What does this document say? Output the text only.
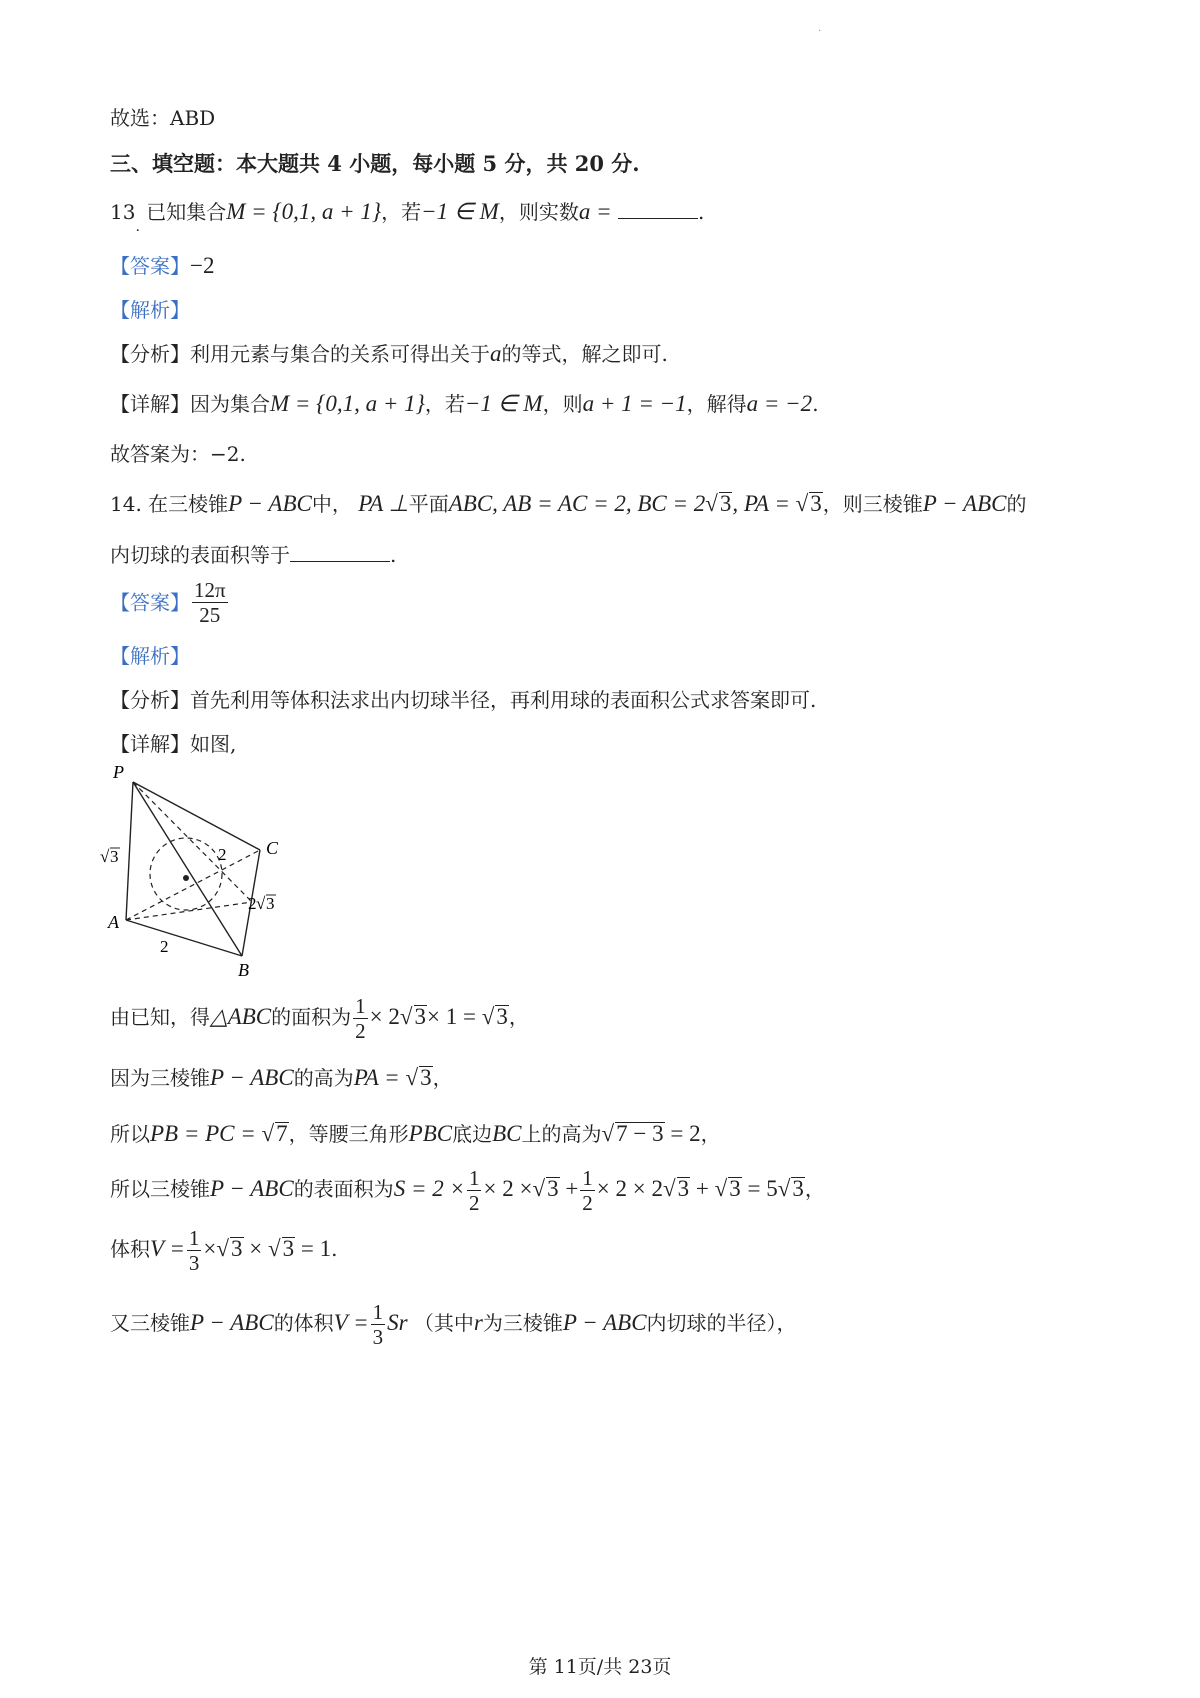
·
故选：ABD
三、填空题：本大题共 4 小题，每小题 5 分，共 20 分.
$13_.$ 已知集合M = {0,1, a + 1}，若−1 ∈ M，则实数a =	.
【答案】−2
【解析】
【分析】利用元素与集合的关系可得出关于a的等式，解之即可.
【详解】因为集合M = {0,1, a + 1}，若−1 ∈ M，则a + 1 = −1，解得a = −2.
故答案为：−2.
14. 在三棱锥P − ABC中， PA ⊥平面ABC, AB = AC = 2, BC = 2√3, PA = √3，则三棱锥P − ABC的
内切球的表面积等于	.
【答案】 $\frac{12\pi}{25}$
【解析】
【分析】首先利用等体积法求出内切球半径，再利用球的表面积公式求答案即可.
【详解】如图,
P
A
B
C
√ 3	2
2 √ 3
2
由已知，得△ABC的面积为 $\frac{1}{2} \times 2√3\times 1 = √3$，
因为三棱锥P − ABC的高为PA = √3，
所以PB = PC = √7，等腰三角形PBC底边BC上的高为√7 − 3 = 2，
所以三棱锥P − ABC的表面积为$S = 2 \times \frac{1}{2} \times 2 \times√3 + \frac{1}{2} \times 2 \times 2√3 + √3 = 5√3$，
体积$V = \frac{1}{3} \times√3 \times √3 = 1$.
又三棱锥P − ABC的体积$V = \frac{1}{3}$ Sr （其中r为三棱锥P − ABC内切球的半径），
第 11页/共 23页
